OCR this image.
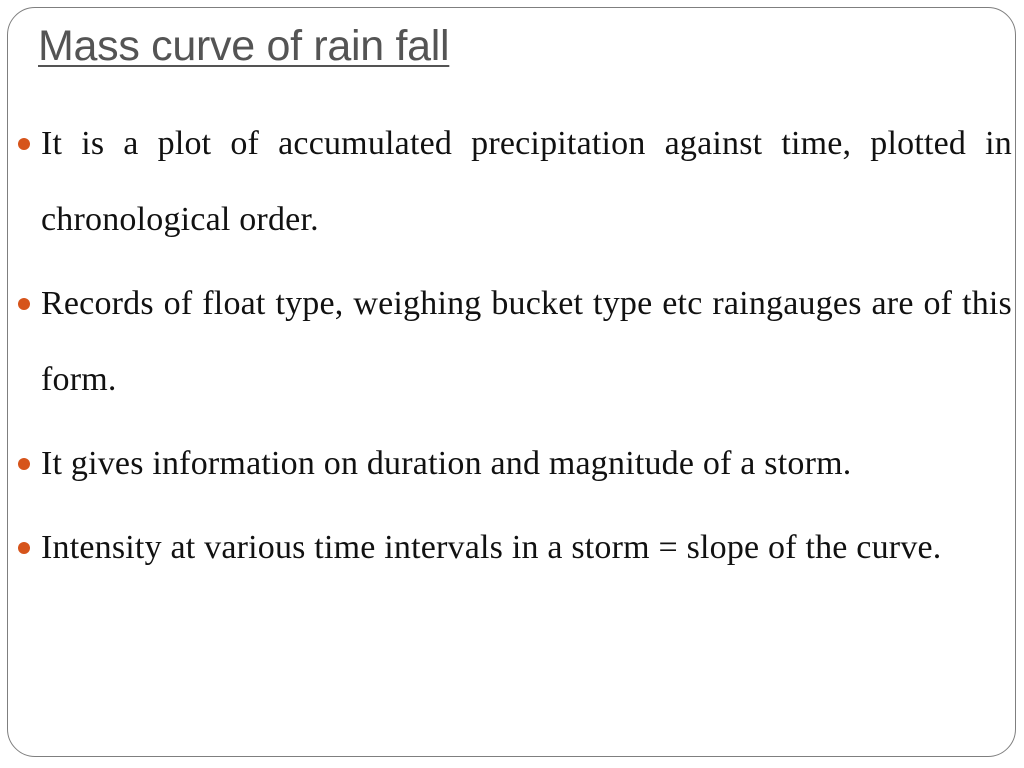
Mass curve of rain fall
It is a plot of accumulated precipitation against time, plotted in chronological order.
Records of float type, weighing bucket type etc raingauges are of this form.
It gives information on duration and magnitude of a storm.
Intensity at various time intervals in a storm = slope of the curve.
